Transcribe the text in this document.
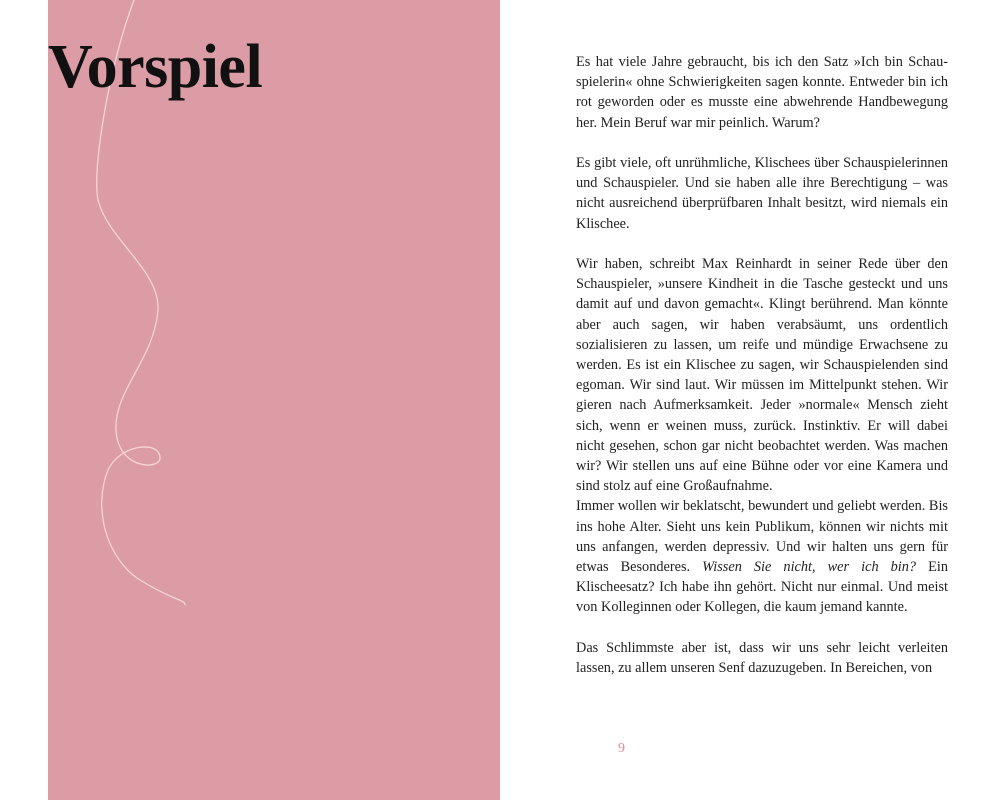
Vorspiel	Es hat viele Jahre gebraucht, bis ich den Satz »Ich bin Schauspielerin« ohne Schwierigkeiten sagen konnte. Entweder bin ich rot geworden oder es musste eine abwehrende Handbewegung her. Mein Beruf war mir peinlich. Warum?

Es gibt viele, oft unrühmliche, Klischees über Schauspielerinnen und Schauspieler. Und sie haben alle ihre Berechtigung – was nicht ausreichend überprüfbaren Inhalt besitzt, wird niemals ein Klischee.

Wir haben, schreibt Max Reinhardt in seiner Rede über den Schauspieler, »unsere Kindheit in die Tasche gesteckt und uns damit auf und davon gemacht«. Klingt berührend. Man könnte aber auch sagen, wir haben verabsäumt, uns ordentlich sozialisieren zu lassen, um reife und mündige Erwachsene zu werden. Es ist ein Klischee zu sagen, wir Schauspielenden sind egoman. Wir sind laut. Wir müssen im Mittelpunkt stehen. Wir gieren nach Aufmerksamkeit. Jeder »normale« Mensch zieht sich, wenn er weinen muss, zurück. Instinktiv. Er will dabei nicht gesehen, schon gar nicht beobachtet werden. Was machen wir? Wir stellen uns auf eine Bühne oder vor eine Kamera und sind stolz auf eine Großaufnahme.

Immer wollen wir beklatscht, bewundert und geliebt werden. Bis ins hohe Alter. Sieht uns kein Publikum, können wir nichts mit uns anfangen, werden depressiv. Und wir halten uns gern für etwas Besonderes. Wissen Sie nicht, wer ich bin? Ein Klischeesatz? Ich habe ihn gehört. Nicht nur einmal. Und meist von Kolleginnen oder Kollegen, die kaum jemand kannte.

Das Schlimmste aber ist, dass wir uns sehr leicht verleiten lassen, zu allem unseren Senf dazuzugeben. In Bereichen, von

9
